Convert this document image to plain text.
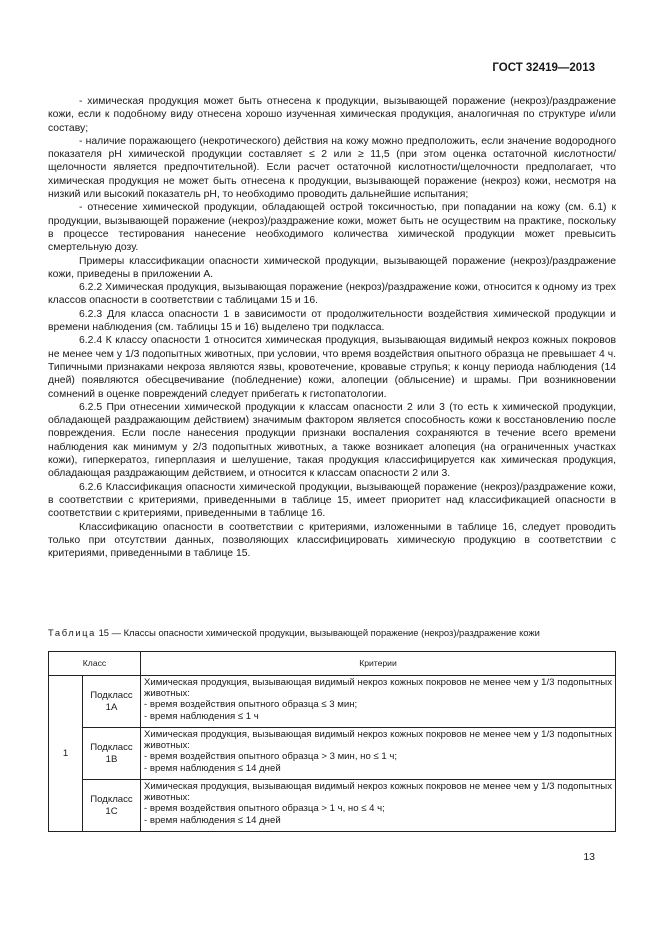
ГОСТ 32419—2013

- химическая продукция может быть отнесена к продукции, вызывающей поражение (некроз)/раздражение кожи, если к подобному виду отнесена хорошо изученная химическая продукция, аналогичная по структуре и/или составу;

- наличие поражающего (некротического) действия на кожу можно предположить, если значение водородного показателя pH химической продукции составляет ≤ 2 или ≥ 11,5 (при этом оценка остаточной кислотности/щелочности является предпочтительной). Если расчет остаточной кислотности/щелочности предполагает, что химическая продукция не может быть отнесена к продукции, вызывающей поражение (некроз) кожи, несмотря на низкий или высокий показатель pH, то необходимо проводить дальнейшие испытания;

- отнесение химической продукции, обладающей острой токсичностью, при попадании на кожу (см. 6.1) к продукции, вызывающей поражение (некроз)/раздражение кожи, может быть не осуществим на практике, поскольку в процессе тестирования нанесение необходимого количества химической продукции может превысить смертельную дозу.

Примеры классификации опасности химической продукции, вызывающей поражение (некроз)/раздражение кожи, приведены в приложении А.

6.2.2 Химическая продукция, вызывающая поражение (некроз)/раздражение кожи, относится к одному из трех классов опасности в соответствии с таблицами 15 и 16.

6.2.3 Для класса опасности 1 в зависимости от продолжительности воздействия химической продукции и времени наблюдения (см. таблицы 15 и 16) выделено три подкласса.

6.2.4 К классу опасности 1 относится химическая продукция, вызывающая видимый некроз кожных покровов не менее чем у 1/3 подопытных животных, при условии, что время воздействия опытного образца не превышает 4 ч. Типичными признаками некроза являются язвы, кровотечение, кровавые струпья; к концу периода наблюдения (14 дней) появляются обесцвечивание (побледнение) кожи, алопеции (облысение) и шрамы. При возникновении сомнений в оценке повреждений следует прибегать к гистопатологии.

6.2.5 При отнесении химической продукции к классам опасности 2 или 3 (то есть к химической продукции, обладающей раздражающим действием) значимым фактором является способность кожи к восстановлению после повреждения. Если после нанесения продукции признаки воспаления сохраняются в течение всего времени наблюдения как минимум у 2/3 подопытных животных, а также возникает алопеция (на ограниченных участках кожи), гиперкератоз, гиперплазия и шелушение, такая продукция классифицируется как химическая продукция, обладающая раздражающим действием, и относится к классам опасности 2 или 3.

6.2.6 Классификация опасности химической продукции, вызывающей поражение (некроз)/раздражение кожи, в соответствии с критериями, приведенными в таблице 15, имеет приоритет над классификацией опасности в соответствии с критериями, приведенными в таблице 16.

Классификацию опасности в соответствии с критериями, изложенными в таблице 16, следует проводить только при отсутствии данных, позволяющих классифицировать химическую продукцию в соответствии с критериями, приведенными в таблице 15.

Таблица 15 — Классы опасности химической продукции, вызывающей поражение (некроз)/раздражение кожи
Класс		Критерии
1	Подкласс 1А	Химическая продукция, вызывающая видимый некроз кожных покровов не менее чем у 1/3 подопытных животных:
- время воздействия опытного образца ≤ 3 мин;
- время наблюдения ≤ 1 ч

	Подкласс 1В	Химическая продукция, вызывающая видимый некроз кожных покровов не менее чем у 1/3 подопытных животных:
- время воздействия опытного образца > 3 мин, но ≤ 1 ч;
- время наблюдения ≤ 14 дней

	Подкласс 1С	Химическая продукция, вызывающая видимый некроз кожных покровов не менее чем у 1/3 подопытных животных:
- время воздействия опытного образца > 1 ч, но ≤ 4 ч;
- время наблюдения ≤ 14 дней
13
